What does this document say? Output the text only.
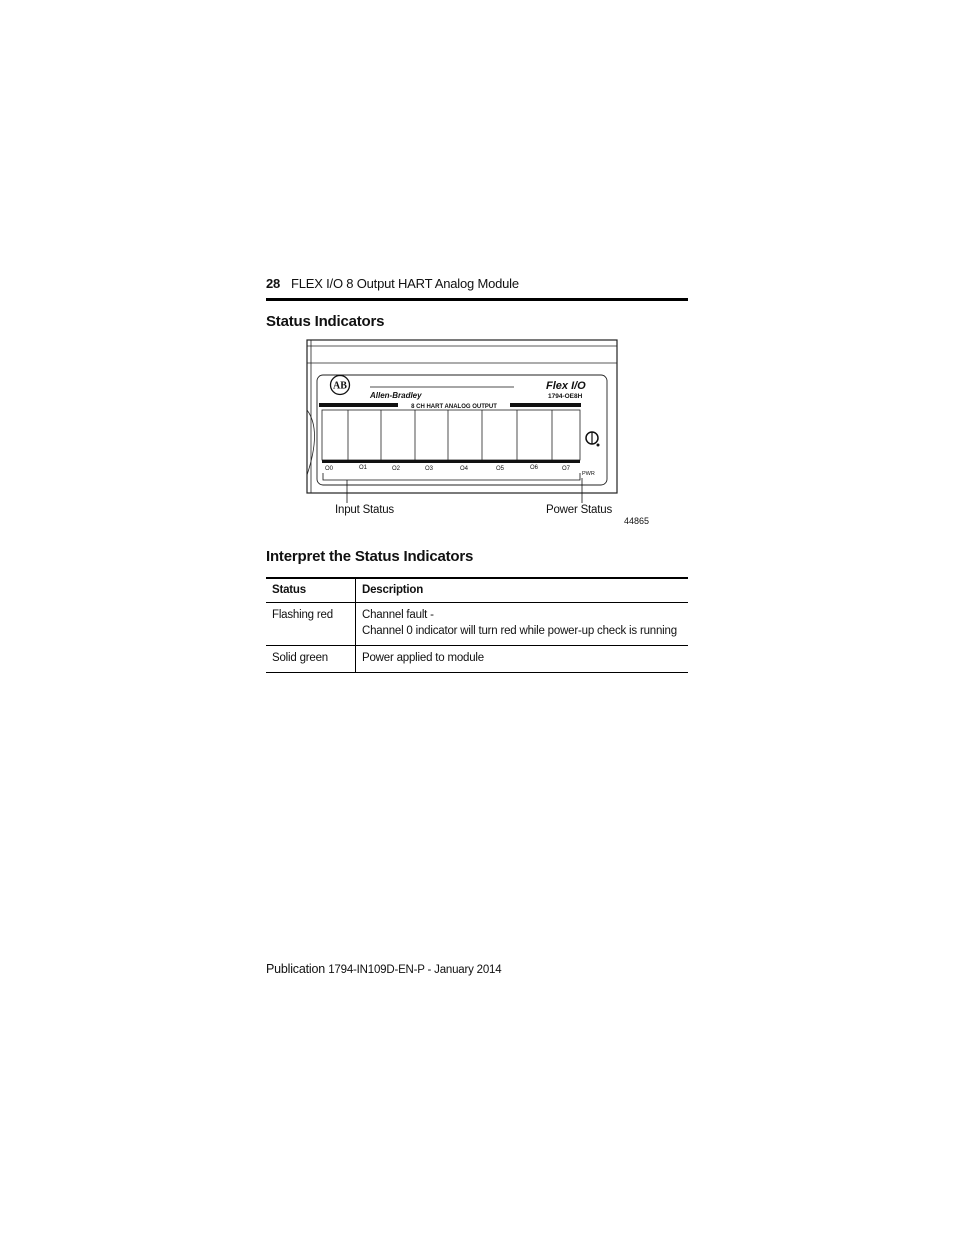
28 FLEX I/O 8 Output HART Analog Module
Status Indicators
AB
Allen-Bradley
Flex I/O
1794-OE8H
8 CH HART ANALOG OUTPUT
O0	O1	O2	O3	O4	O5	O6	O7
PWR
Input Status	Power Status
44865
Interpret the Status Indicators
Status	Description
Flashing red	Channel fault -
Channel 0 indicator will turn red while power-up check is running

Solid green	Power applied to module
Publication 1794-IN109D-EN-P - January 2014
